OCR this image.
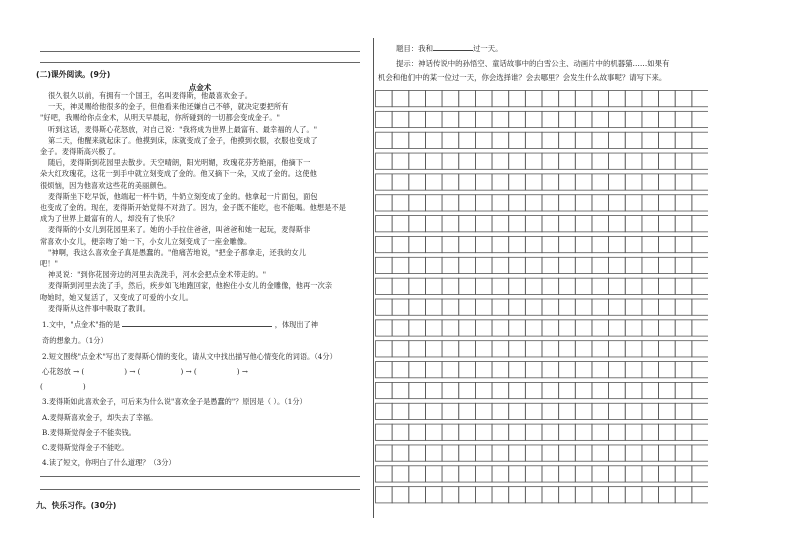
(二)课外阅读。(9分)
点金术
很久很久以前，有拥有一个国王，名叫麦得斯，他最喜欢金子。
一天，神灵赐给他很多的金子，但他看来他还嫌自己不够，就决定要把所有
"好吧，我赐给你点金术，从明天早晨起，你所碰到的一切都会变成金子。"
听到这话，麦得斯心花怒放，对自己说："我将成为世界上最富有、最幸福的人了。"
第二天，他醒来就起床了。他摸到床，床就变成了金子，他摸到衣服，衣服也变成了
金子。麦得斯高兴极了。
随后，麦得斯到花园里去散步。天空晴朗，阳光明媚，玫瑰花芬芳艳丽，他摘下一
朵大红玫瑰花，这花一到手中就立刻变成了金的。他又摘下一朵，又成了金的。这使他
很烦恼，因为他喜欢这些花的美丽颜色。
麦得斯坐下吃早饭，他端起一杯牛奶，牛奶立刻变成了金的。他拿起一片面包，面包
也变成了金的。现在，麦得斯开始觉得不对劲了。因为，金子既不能吃，也不能喝。他想是不是
成为了世界上最富有的人，却没有了快乐？
麦得斯的小女儿到花园里来了。她的小手拉住爸爸，叫爸爸和她一起玩，麦得斯非
常喜欢小女儿，便亲吻了她一下，小女儿立刻变成了一座金雕像。
"神啊，我这么喜欢金子真是愚蠢的。"他痛苦地说，"把金子都拿走，还我的女儿
吧！"
神灵说："到你花园旁边的河里去洗洗手，河水会把点金术带走的。"
麦得斯到河里去洗了手，然后，疾步如飞地跑回家，他抱住小女儿的金雕像，他再一次亲
吻她时，她又复活了，又变成了可爱的小女儿。
麦得斯从这件事中吸取了教训。
1.文中，"点金术"指的是	，体现出了神
奇的想象力。（1分）
2.短文围绕"点金术"写出了麦得斯心情的变化，请从文中找出描写他心情变化的词语。（4分）
心花怒放 → (	) → (	) → (	) →
(	)
3.麦得斯如此喜欢金子，可后来为什么说"喜欢金子是愚蠢的"？原因是（ ）。（1分）
A.麦得斯喜欢金子，却失去了幸福。
B.麦得斯觉得金子不能卖钱。
C.麦得斯觉得金子不能吃。
4.读了短文，你明白了什么道理？（3分）
九、快乐习作。(30分)
题目：我和	过一天。
提示：神话传说中的孙悟空、童话故事中的白雪公主、动画片中的机器猫……如果有
机会和他们中的某一位过一天，你会选择谁？会去哪里？会发生什么故事呢？请写下来。
